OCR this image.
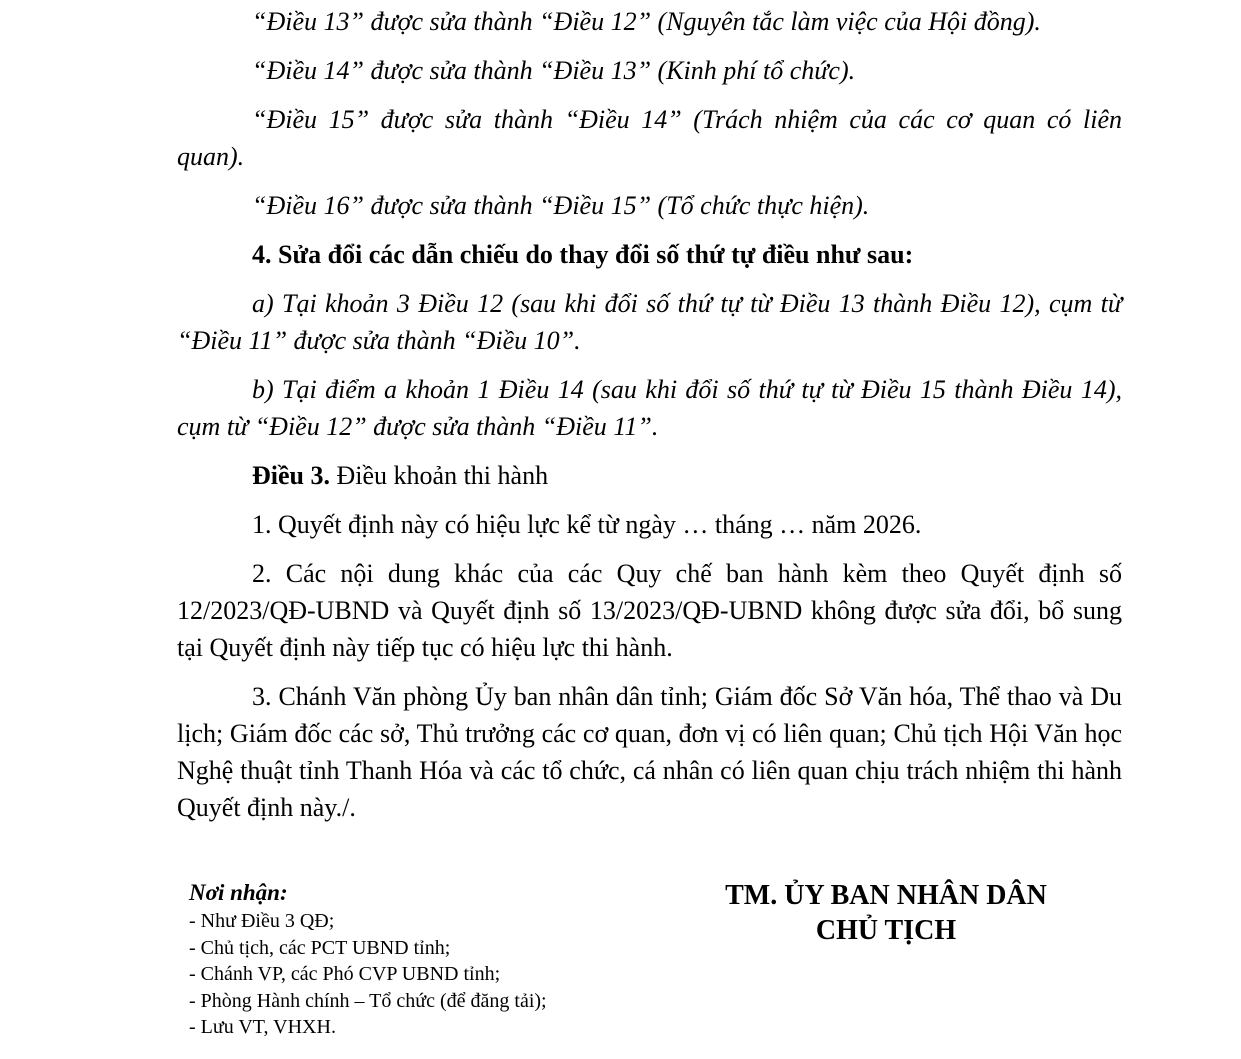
“Điều 13” được sửa thành “Điều 12” (Nguyên tắc làm việc của Hội đồng).

“Điều 14” được sửa thành “Điều 13” (Kinh phí tổ chức).

“Điều 15” được sửa thành “Điều 14” (Trách nhiệm của các cơ quan có liên quan).

“Điều 16” được sửa thành “Điều 15” (Tổ chức thực hiện).

4. Sửa đổi các dẫn chiếu do thay đổi số thứ tự điều như sau:

a) Tại khoản 3 Điều 12 (sau khi đổi số thứ tự từ Điều 13 thành Điều 12), cụm từ “Điều 11” được sửa thành “Điều 10”.

b) Tại điểm a khoản 1 Điều 14 (sau khi đổi số thứ tự từ Điều 15 thành Điều 14), cụm từ “Điều 12” được sửa thành “Điều 11”.

Điều 3. Điều khoản thi hành

1. Quyết định này có hiệu lực kể từ ngày … tháng … năm 2026.

2. Các nội dung khác của các Quy chế ban hành kèm theo Quyết định số 12/2023/QĐ-UBND và Quyết định số 13/2023/QĐ-UBND không được sửa đổi, bổ sung tại Quyết định này tiếp tục có hiệu lực thi hành.

3. Chánh Văn phòng Ủy ban nhân dân tỉnh; Giám đốc Sở Văn hóa, Thể thao và Du lịch; Giám đốc các sở, Thủ trưởng các cơ quan, đơn vị có liên quan; Chủ tịch Hội Văn học Nghệ thuật tỉnh Thanh Hóa và các tổ chức, cá nhân có liên quan chịu trách nhiệm thi hành Quyết định này./.

Nơi nhận:
- Như Điều 3 QĐ;
- Chủ tịch, các PCT UBND tỉnh;
- Chánh VP, các Phó CVP UBND tỉnh;
- Phòng Hành chính – Tổ chức (để đăng tải);
- Lưu VT, VHXH.
TM. ỦY BAN NHÂN DÂN
CHỦ TỊCH
